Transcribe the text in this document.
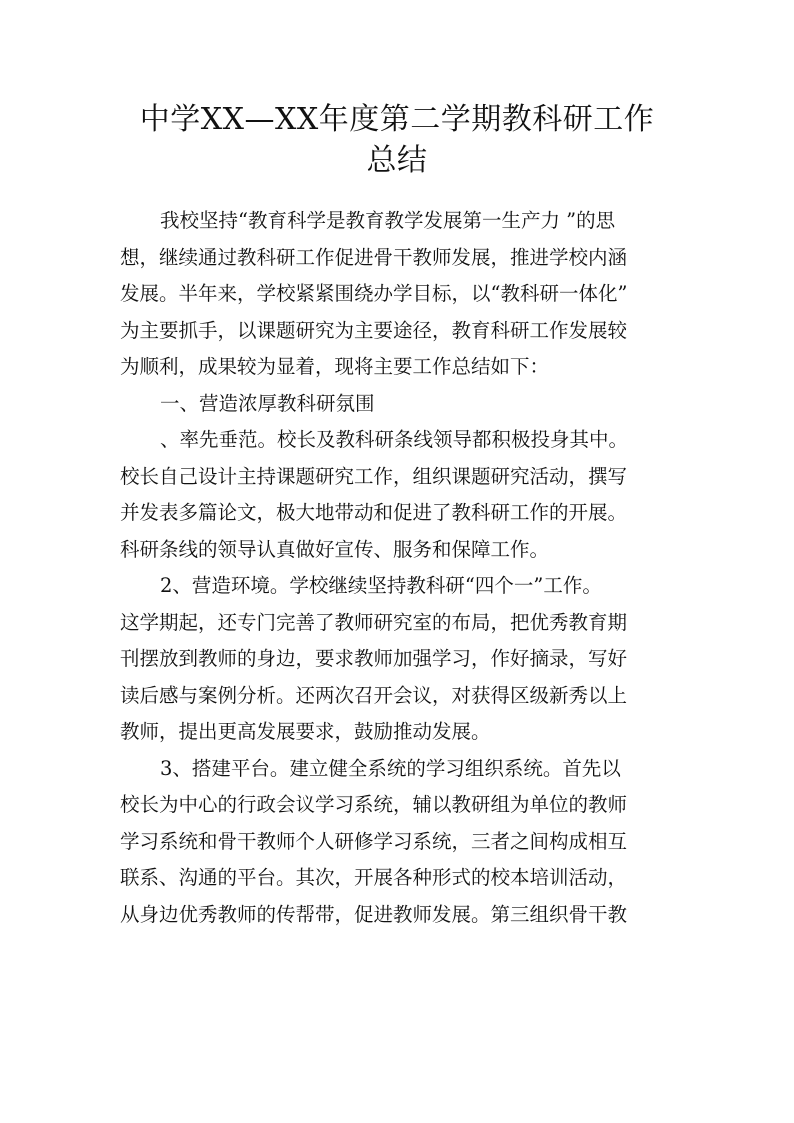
中学XX—XX年度第二学期教科研工作
总结
我校坚持“教育科学是教育教学发展第一生产力 ”的思
想，继续通过教科研工作促进骨干教师发展，推进学校内涵
发展。半年来，学校紧紧围绕办学目标，以“教科研一体化”
为主要抓手，以课题研究为主要途径，教育科研工作发展较
为顺利，成果较为显着，现将主要工作总结如下：
一、营造浓厚教科研氛围
、率先垂范。校长及教科研条线领导都积极投身其中。
校长自己设计主持课题研究工作，组织课题研究活动，撰写
并发表多篇论文，极大地带动和促进了教科研工作的开展。
科研条线的领导认真做好宣传、服务和保障工作。
2、营造环境。学校继续坚持教科研“四个一”工作。
这学期起，还专门完善了教师研究室的布局，把优秀教育期
刊摆放到教师的身边，要求教师加强学习，作好摘录，写好
读后感与案例分析。还两次召开会议，对获得区级新秀以上
教师，提出更高发展要求，鼓励推动发展。
3、搭建平台。建立健全系统的学习组织系统。首先以
校长为中心的行政会议学习系统，辅以教研组为单位的教师
学习系统和骨干教师个人研修学习系统，三者之间构成相互
联系、沟通的平台。其次，开展各种形式的校本培训活动，
从身边优秀教师的传帮带，促进教师发展。第三组织骨干教
